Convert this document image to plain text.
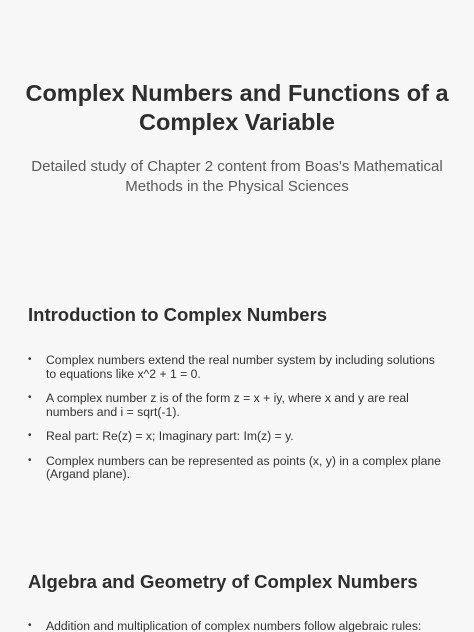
Complex Numbers and Functions of a Complex Variable

Detailed study of Chapter 2 content from Boas's Mathematical Methods in the Physical Sciences

Introduction to Complex Numbers
• Complex numbers extend the real number system by including solutions to equations like x^2 + 1 = 0.
• A complex number z is of the form z = x + iy, where x and y are real numbers and i = sqrt(-1).
• Real part: Re(z) = x; Imaginary part: Im(z) = y.
• Complex numbers can be represented as points (x, y) in a complex plane (Argand plane).
Algebra and Geometry of Complex Numbers
• Addition and multiplication of complex numbers follow algebraic rules:
